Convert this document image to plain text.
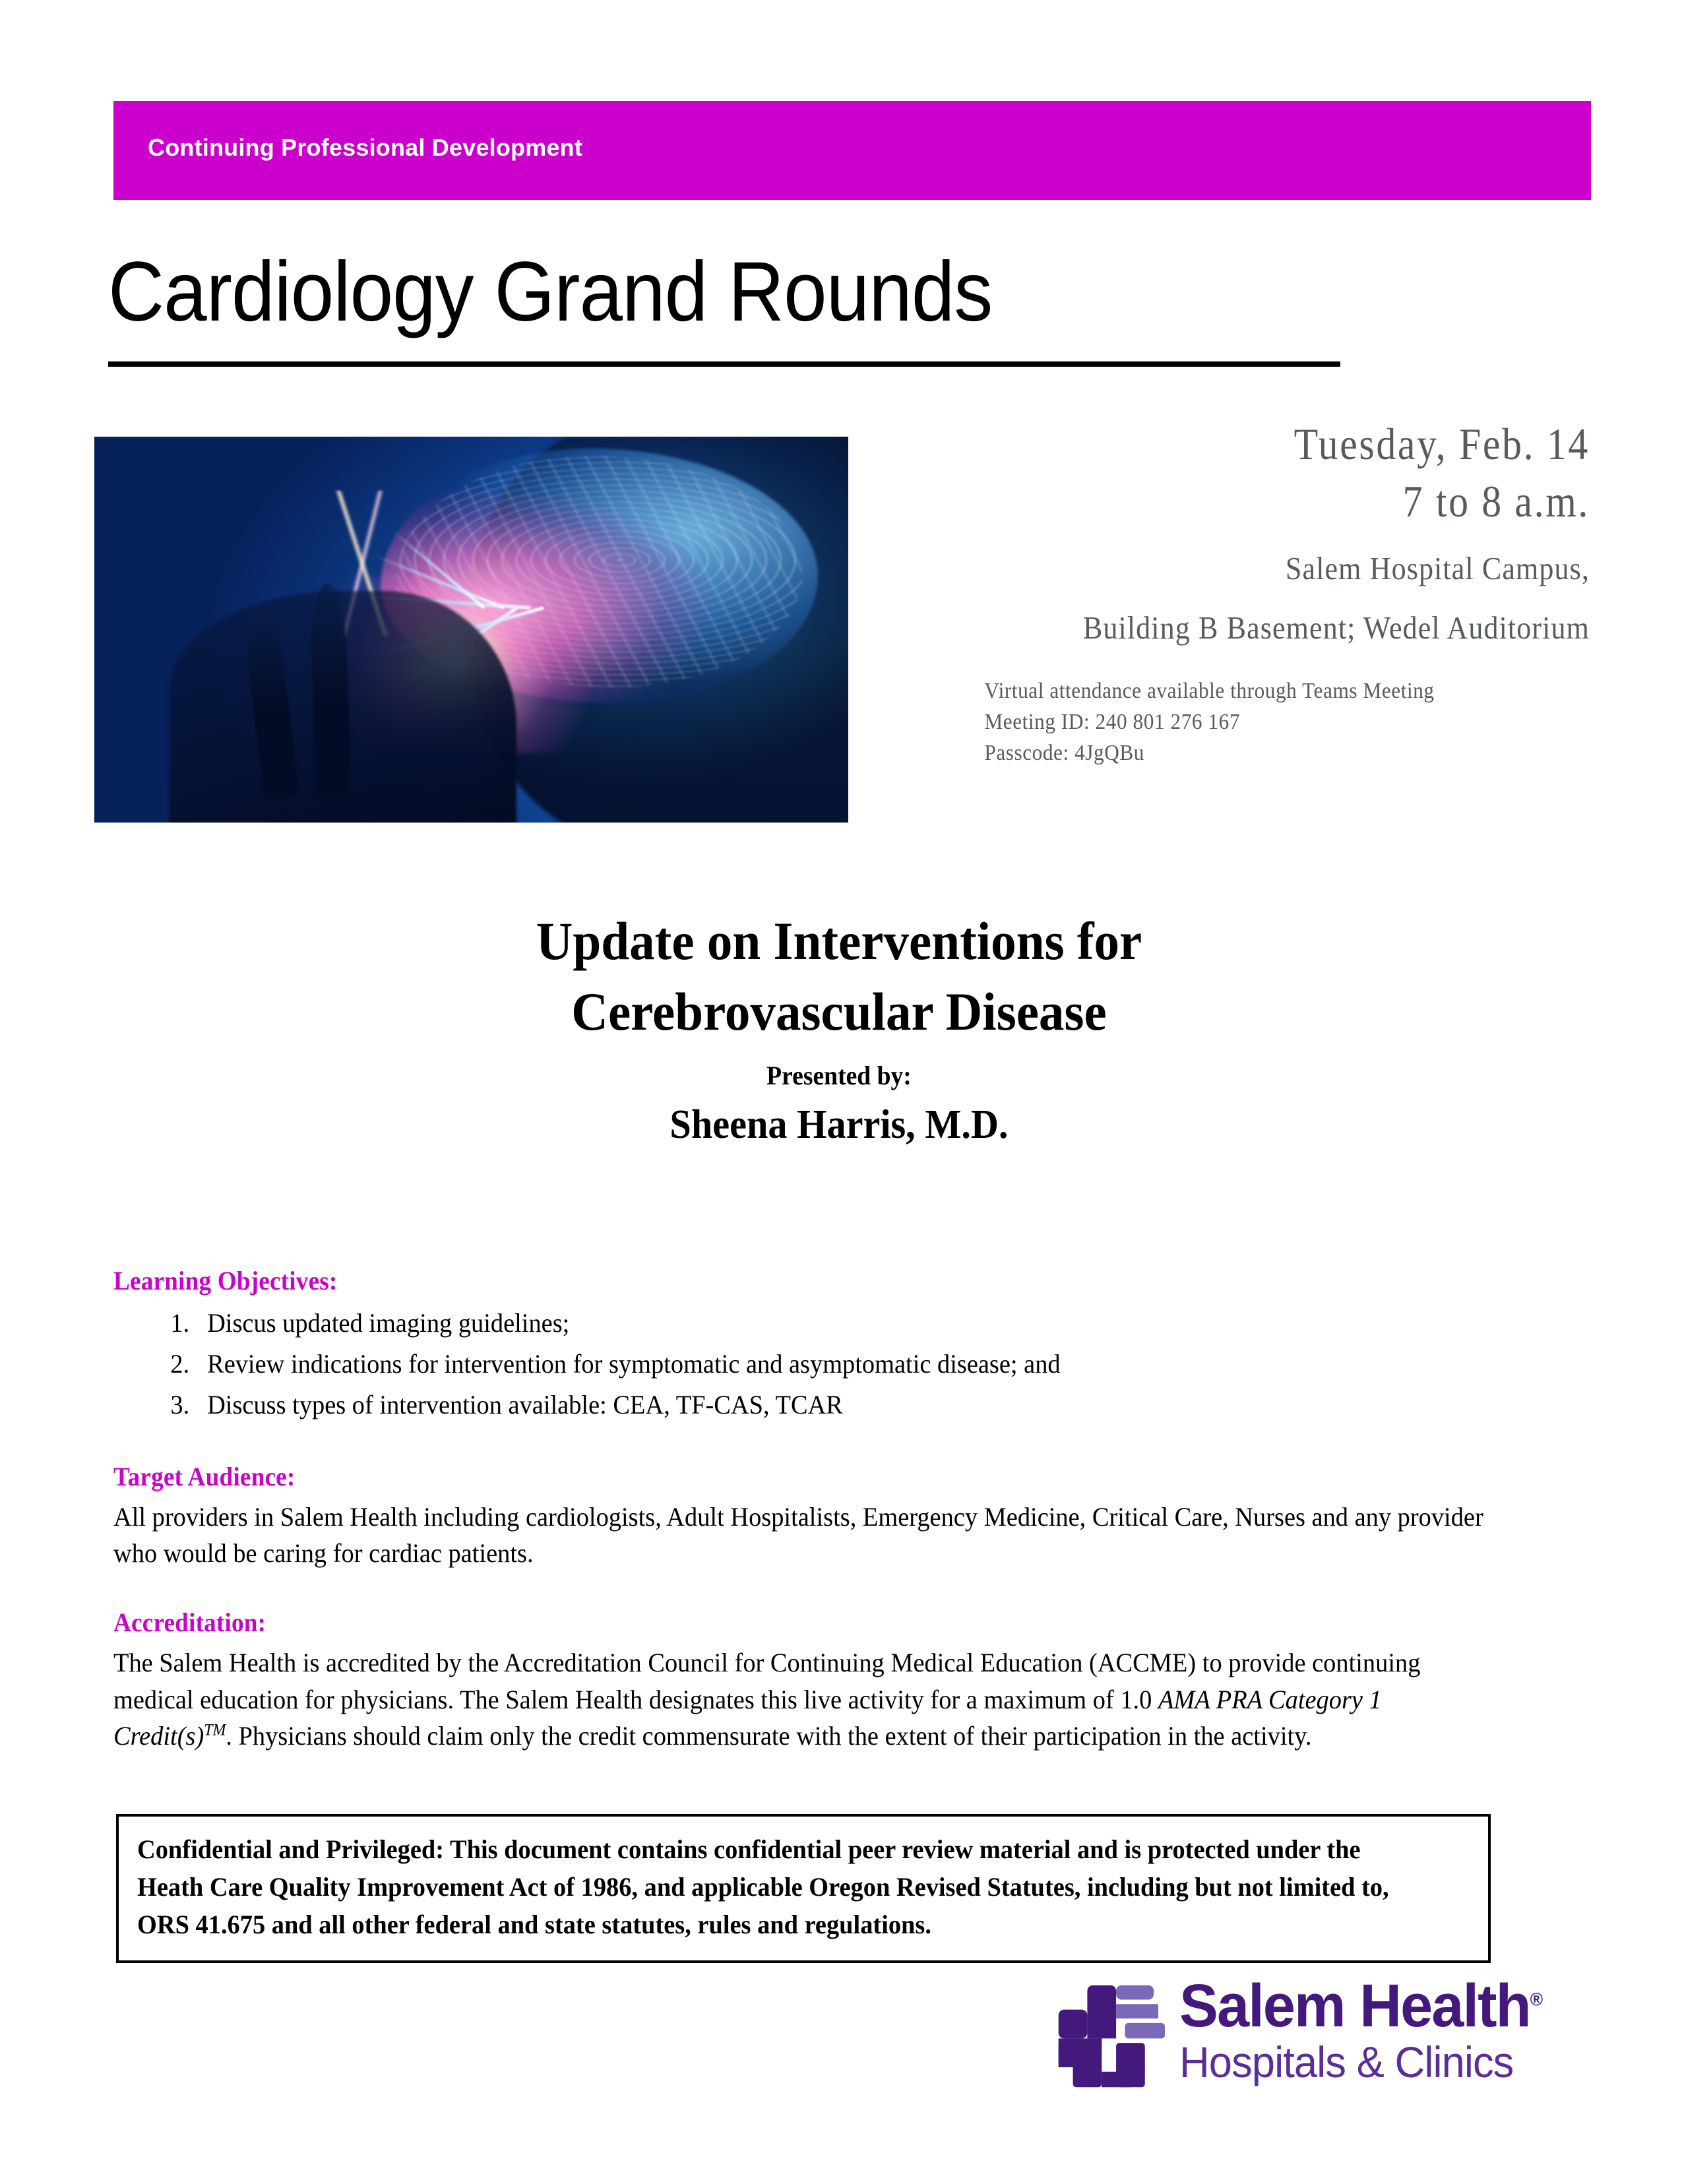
Continuing Professional Development
Cardiology Grand Rounds
Tuesday, Feb. 14
7 to 8 a.m.
Salem Hospital Campus,
Building B Basement; Wedel Auditorium
Virtual attendance available through Teams Meeting
Meeting ID: 240 801 276 167
Passcode: 4JgQBu
Update on Interventions for
Cerebrovascular Disease
Presented by:
Sheena Harris, M.D.
Learning Objectives:
1. Discus updated imaging guidelines;
2. Review indications for intervention for symptomatic and asymptomatic disease; and
3. Discuss types of intervention available: CEA, TF-CAS, TCAR
Target Audience:
All providers in Salem Health including cardiologists, Adult Hospitalists, Emergency Medicine, Critical Care, Nurses and any provider who would be caring for cardiac patients.
Accreditation:
The Salem Health is accredited by the Accreditation Council for Continuing Medical Education (ACCME) to provide continuing medical education for physicians. The Salem Health designates this live activity for a maximum of 1.0 AMA PRA Category 1 Credit(s)™. Physicians should claim only the credit commensurate with the extent of their participation in the activity.

Confidential and Privileged: This document contains confidential peer review material and is protected under the Heath Care Quality Improvement Act of 1986, and applicable Oregon Revised Statutes, including but not limited to, ORS 41.675 and all other federal and state statutes, rules and regulations.

Salem Health®
Hospitals & Clinics
